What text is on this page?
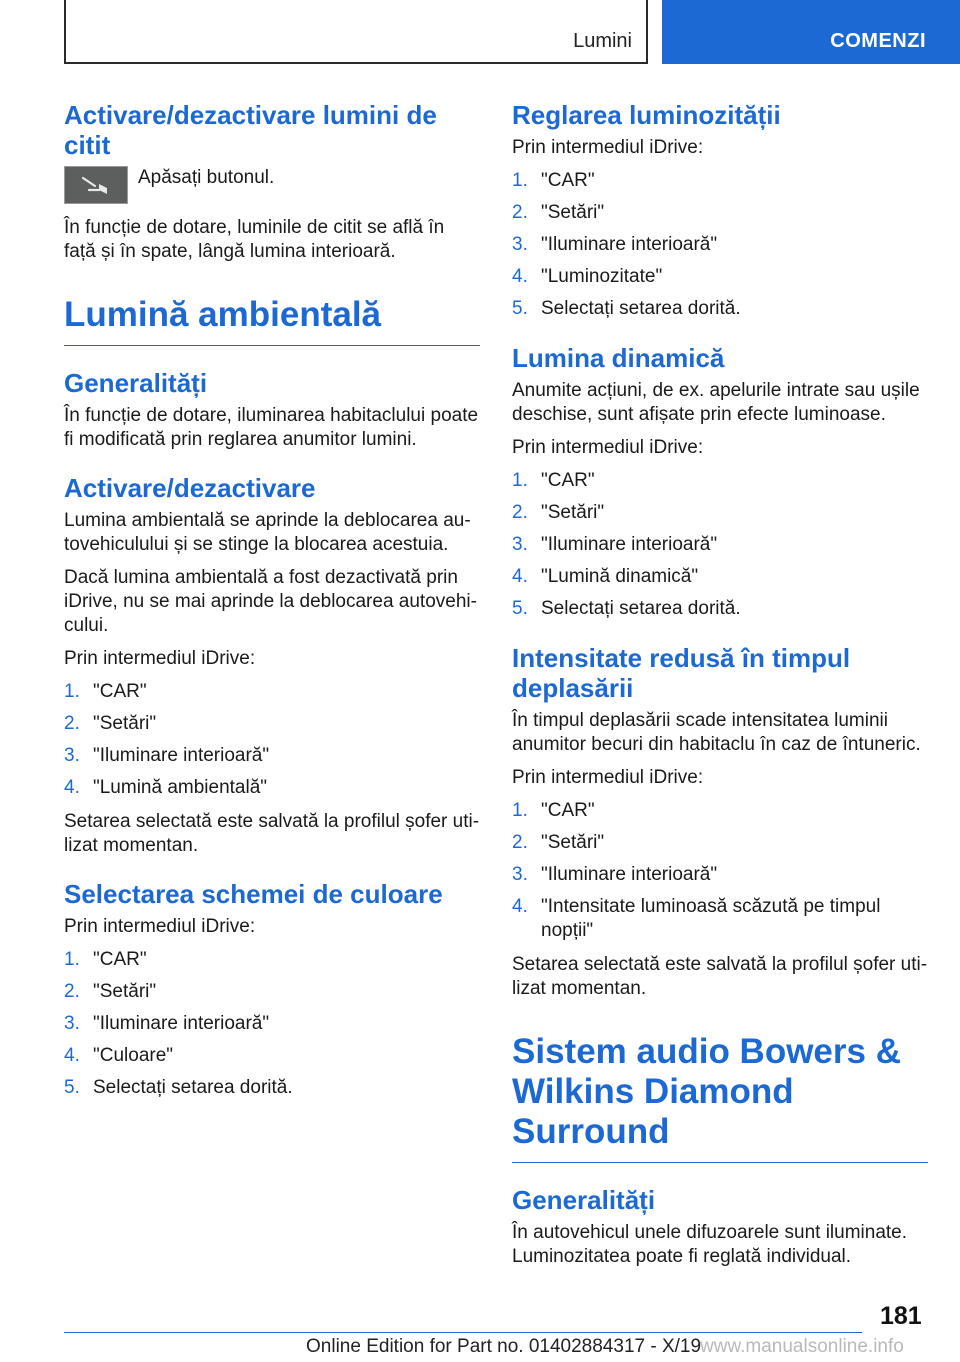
Lumini	COMENZI
Activare/dezactivare lumini de citit

Apăsați butonul.

În funcție de dotare, luminile de citit se află în față și în spate, lângă lumina interioară.

Lumină ambientală
Generalități

În funcție de dotare, iluminarea habitaclului poate fi modificată prin reglarea anumitor lumini.

Activare/dezactivare

Lumina ambientală se aprinde la deblocarea au-tovehiculului și se stinge la blocarea acestuia.

Dacă lumina ambientală a fost dezactivată prin iDrive, nu se mai aprinde la deblocarea autovehi-cului.

Prin intermediul iDrive:

1. "CAR"
2. "Setări"
3. "Iluminare interioară"
4. "Lumină ambientală"

Setarea selectată este salvată la profilul șofer uti-lizat momentan.

Selectarea schemei de culoare

Prin intermediul iDrive:

1. "CAR"
2. "Setări"
3. "Iluminare interioară"
4. "Culoare"
5. Selectați setarea dorită.
Reglarea luminozității

Prin intermediul iDrive:

1. "CAR"
2. "Setări"
3. "Iluminare interioară"
4. "Luminozitate"
5. Selectați setarea dorită.
Lumina dinamică

Anumite acțiuni, de ex. apelurile intrate sau ușile deschise, sunt afișate prin efecte luminoase.

Prin intermediul iDrive:

1. "CAR"
2. "Setări"
3. "Iluminare interioară"
4. "Lumină dinamică"
5. Selectați setarea dorită.
Intensitate redusă în timpul deplasării

În timpul deplasării scade intensitatea luminii anumitor becuri din habitaclu în caz de întuneric.

Prin intermediul iDrive:

1. "CAR"
2. "Setări"
3. "Iluminare interioară"
4. "Intensitate luminoasă scăzută pe timpul nopții"

Setarea selectată este salvată la profilul șofer uti-lizat momentan.

Sistem audio Bowers & Wilkins Diamond Surround
Generalități

În autovehicul unele difuzoarele sunt iluminate. Luminozitatea poate fi reglată individual.

181
Online Edition for Part no. 01402884317 - X/19
www.manualsonline.info
